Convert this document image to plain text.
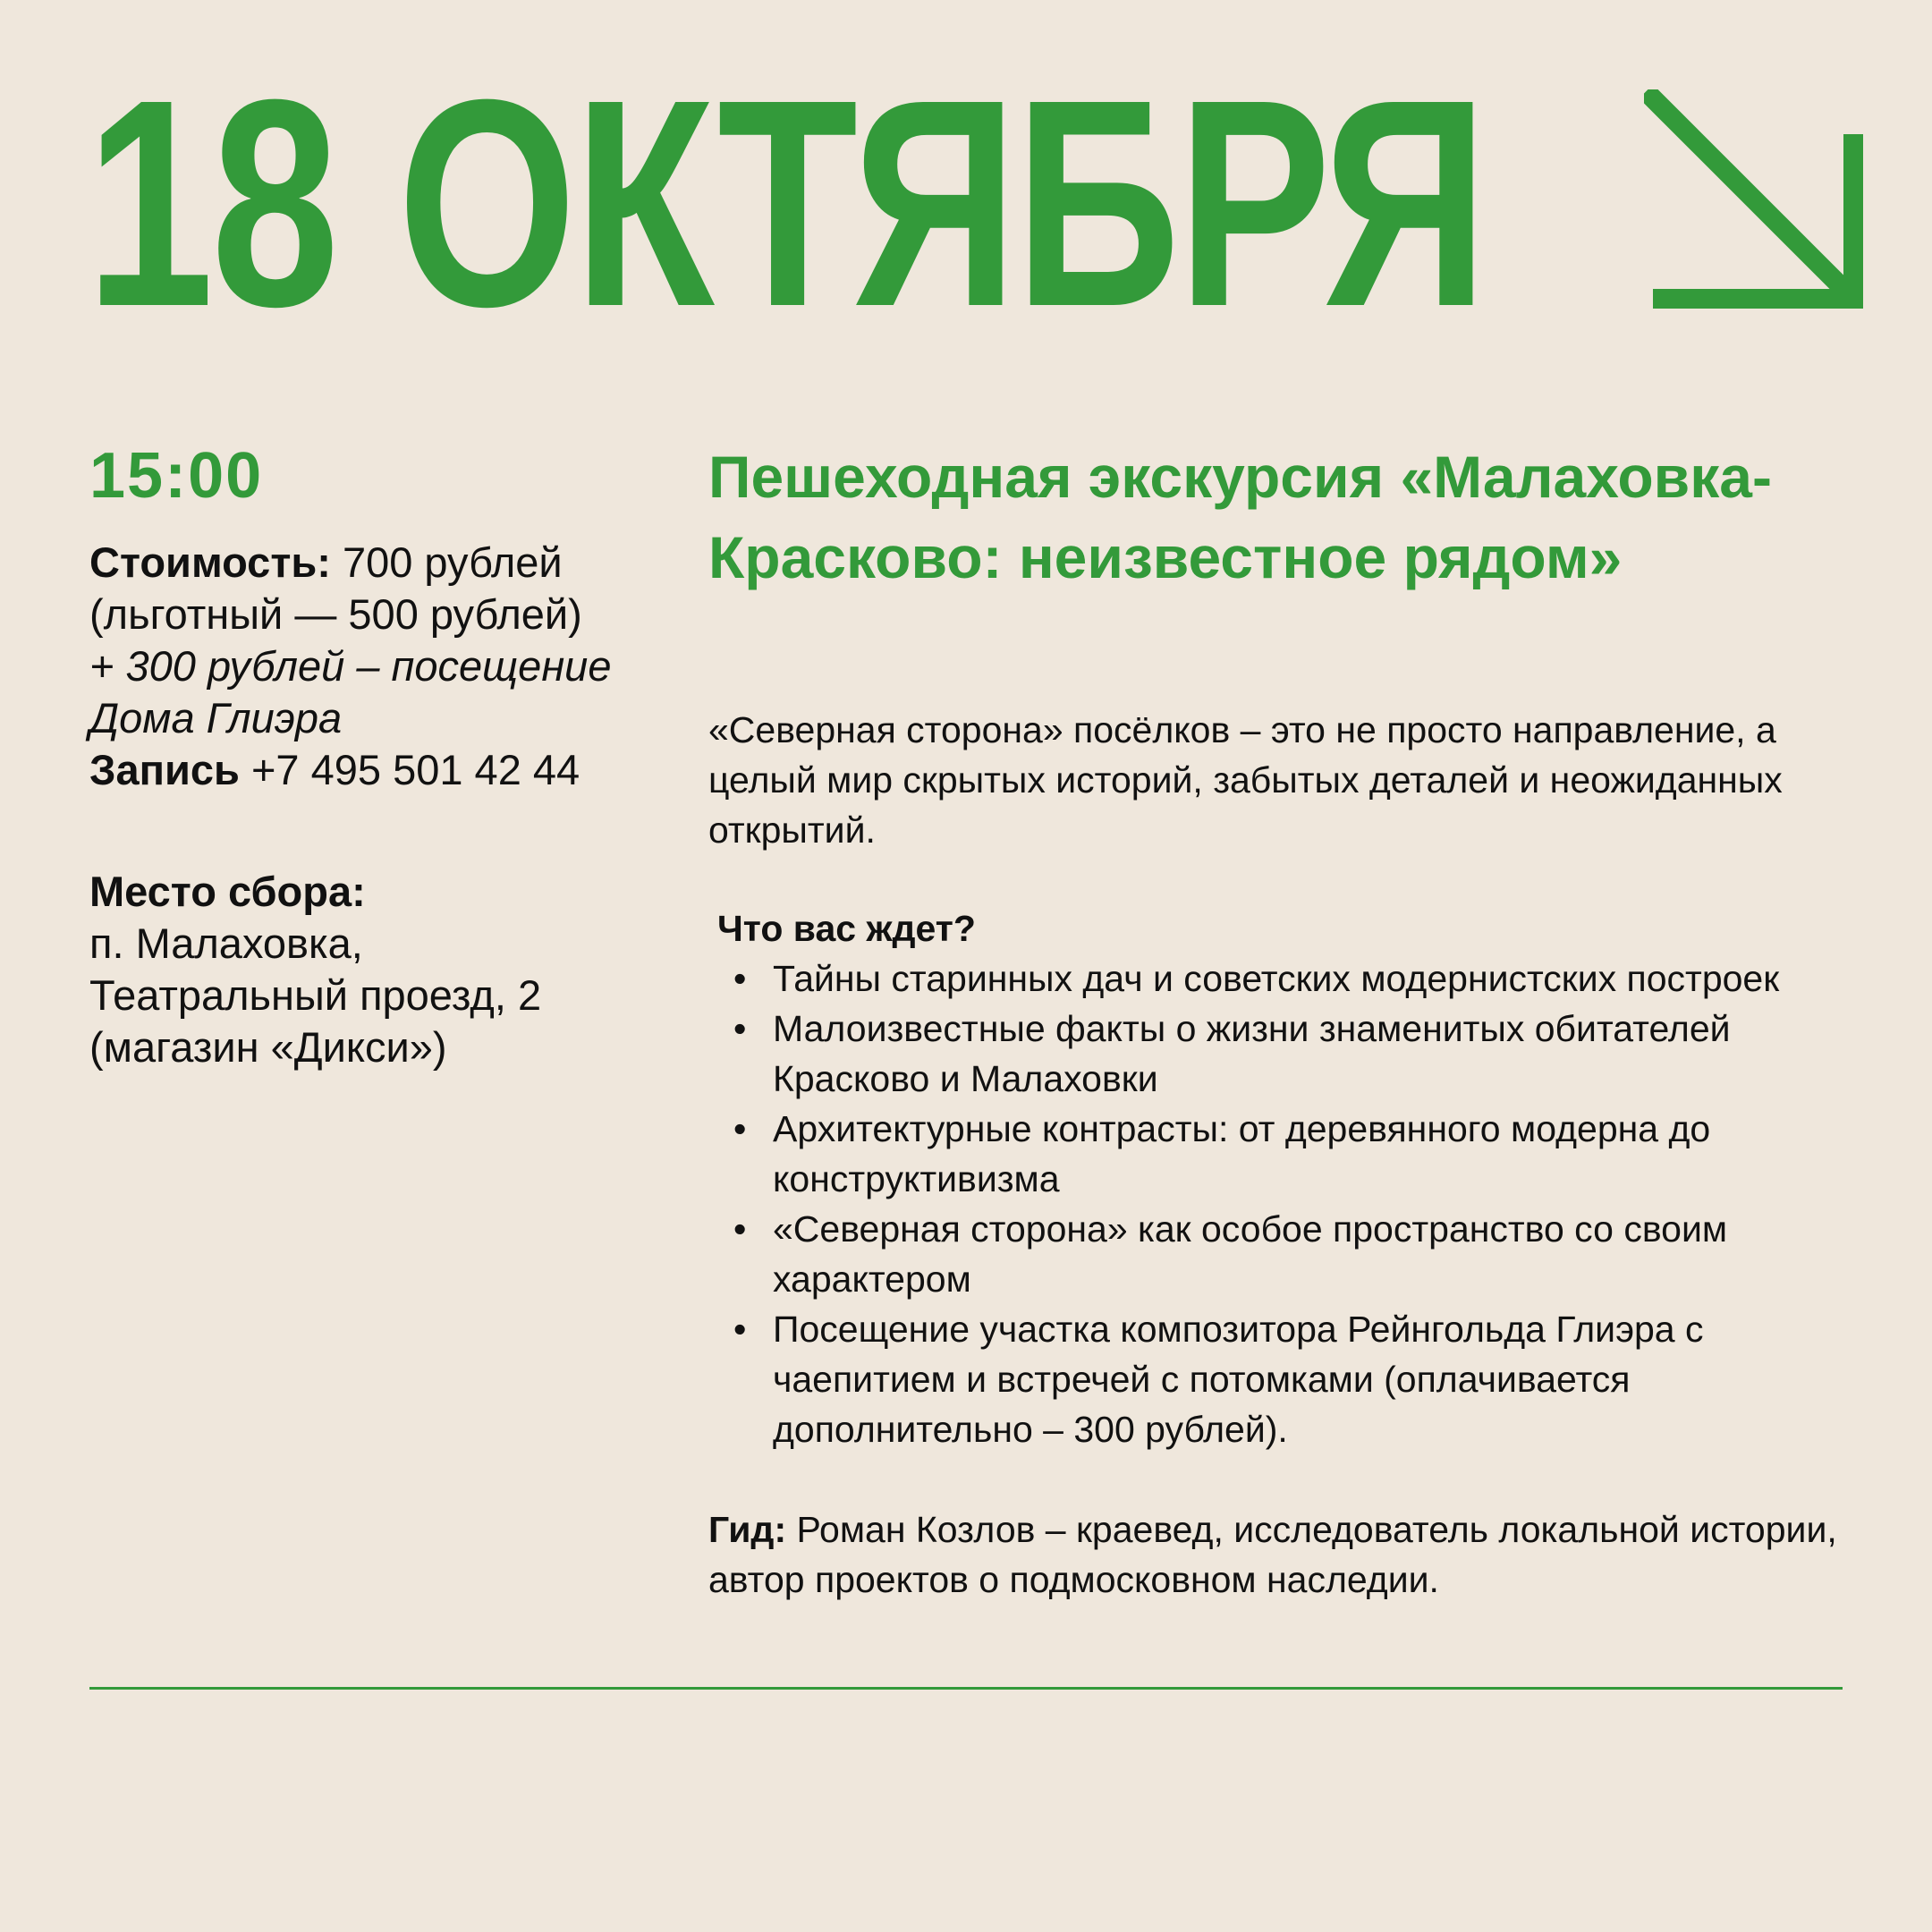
18 ОКТЯБРЯ
15:00
Стоимость: 700 рублей
(льготный — 500 рублей)
+ 300 рублей – посещение
Дома Глиэра
Запись +7 495 501 42 44
Место сбора:
п. Малаховка,
Театральный проезд, 2
(магазин «Дикси»)
Пешеходная экскурсия «Малаховка-Красково: неизвестное рядом»

«Северная сторона» посёлков – это не просто направление, а целый мир скрытых историй, забытых деталей и неожиданных открытий.

Что вас ждет?

• Тайны старинных дач и советских модернистских построек
• Малоизвестные факты о жизни знаменитых обитателей Красково и Малаховки
• Архитектурные контрасты: от деревянного модерна до конструктивизма
• «Северная сторона» как особое пространство со своим характером
• Посещение участка композитора Рейнгольда Глиэра с чаепитием и встречей с потомками (оплачивается дополнительно – 300 рублей).

Гид: Роман Козлов – краевед, исследователь локальной истории, автор проектов о подмосковном наследии.
